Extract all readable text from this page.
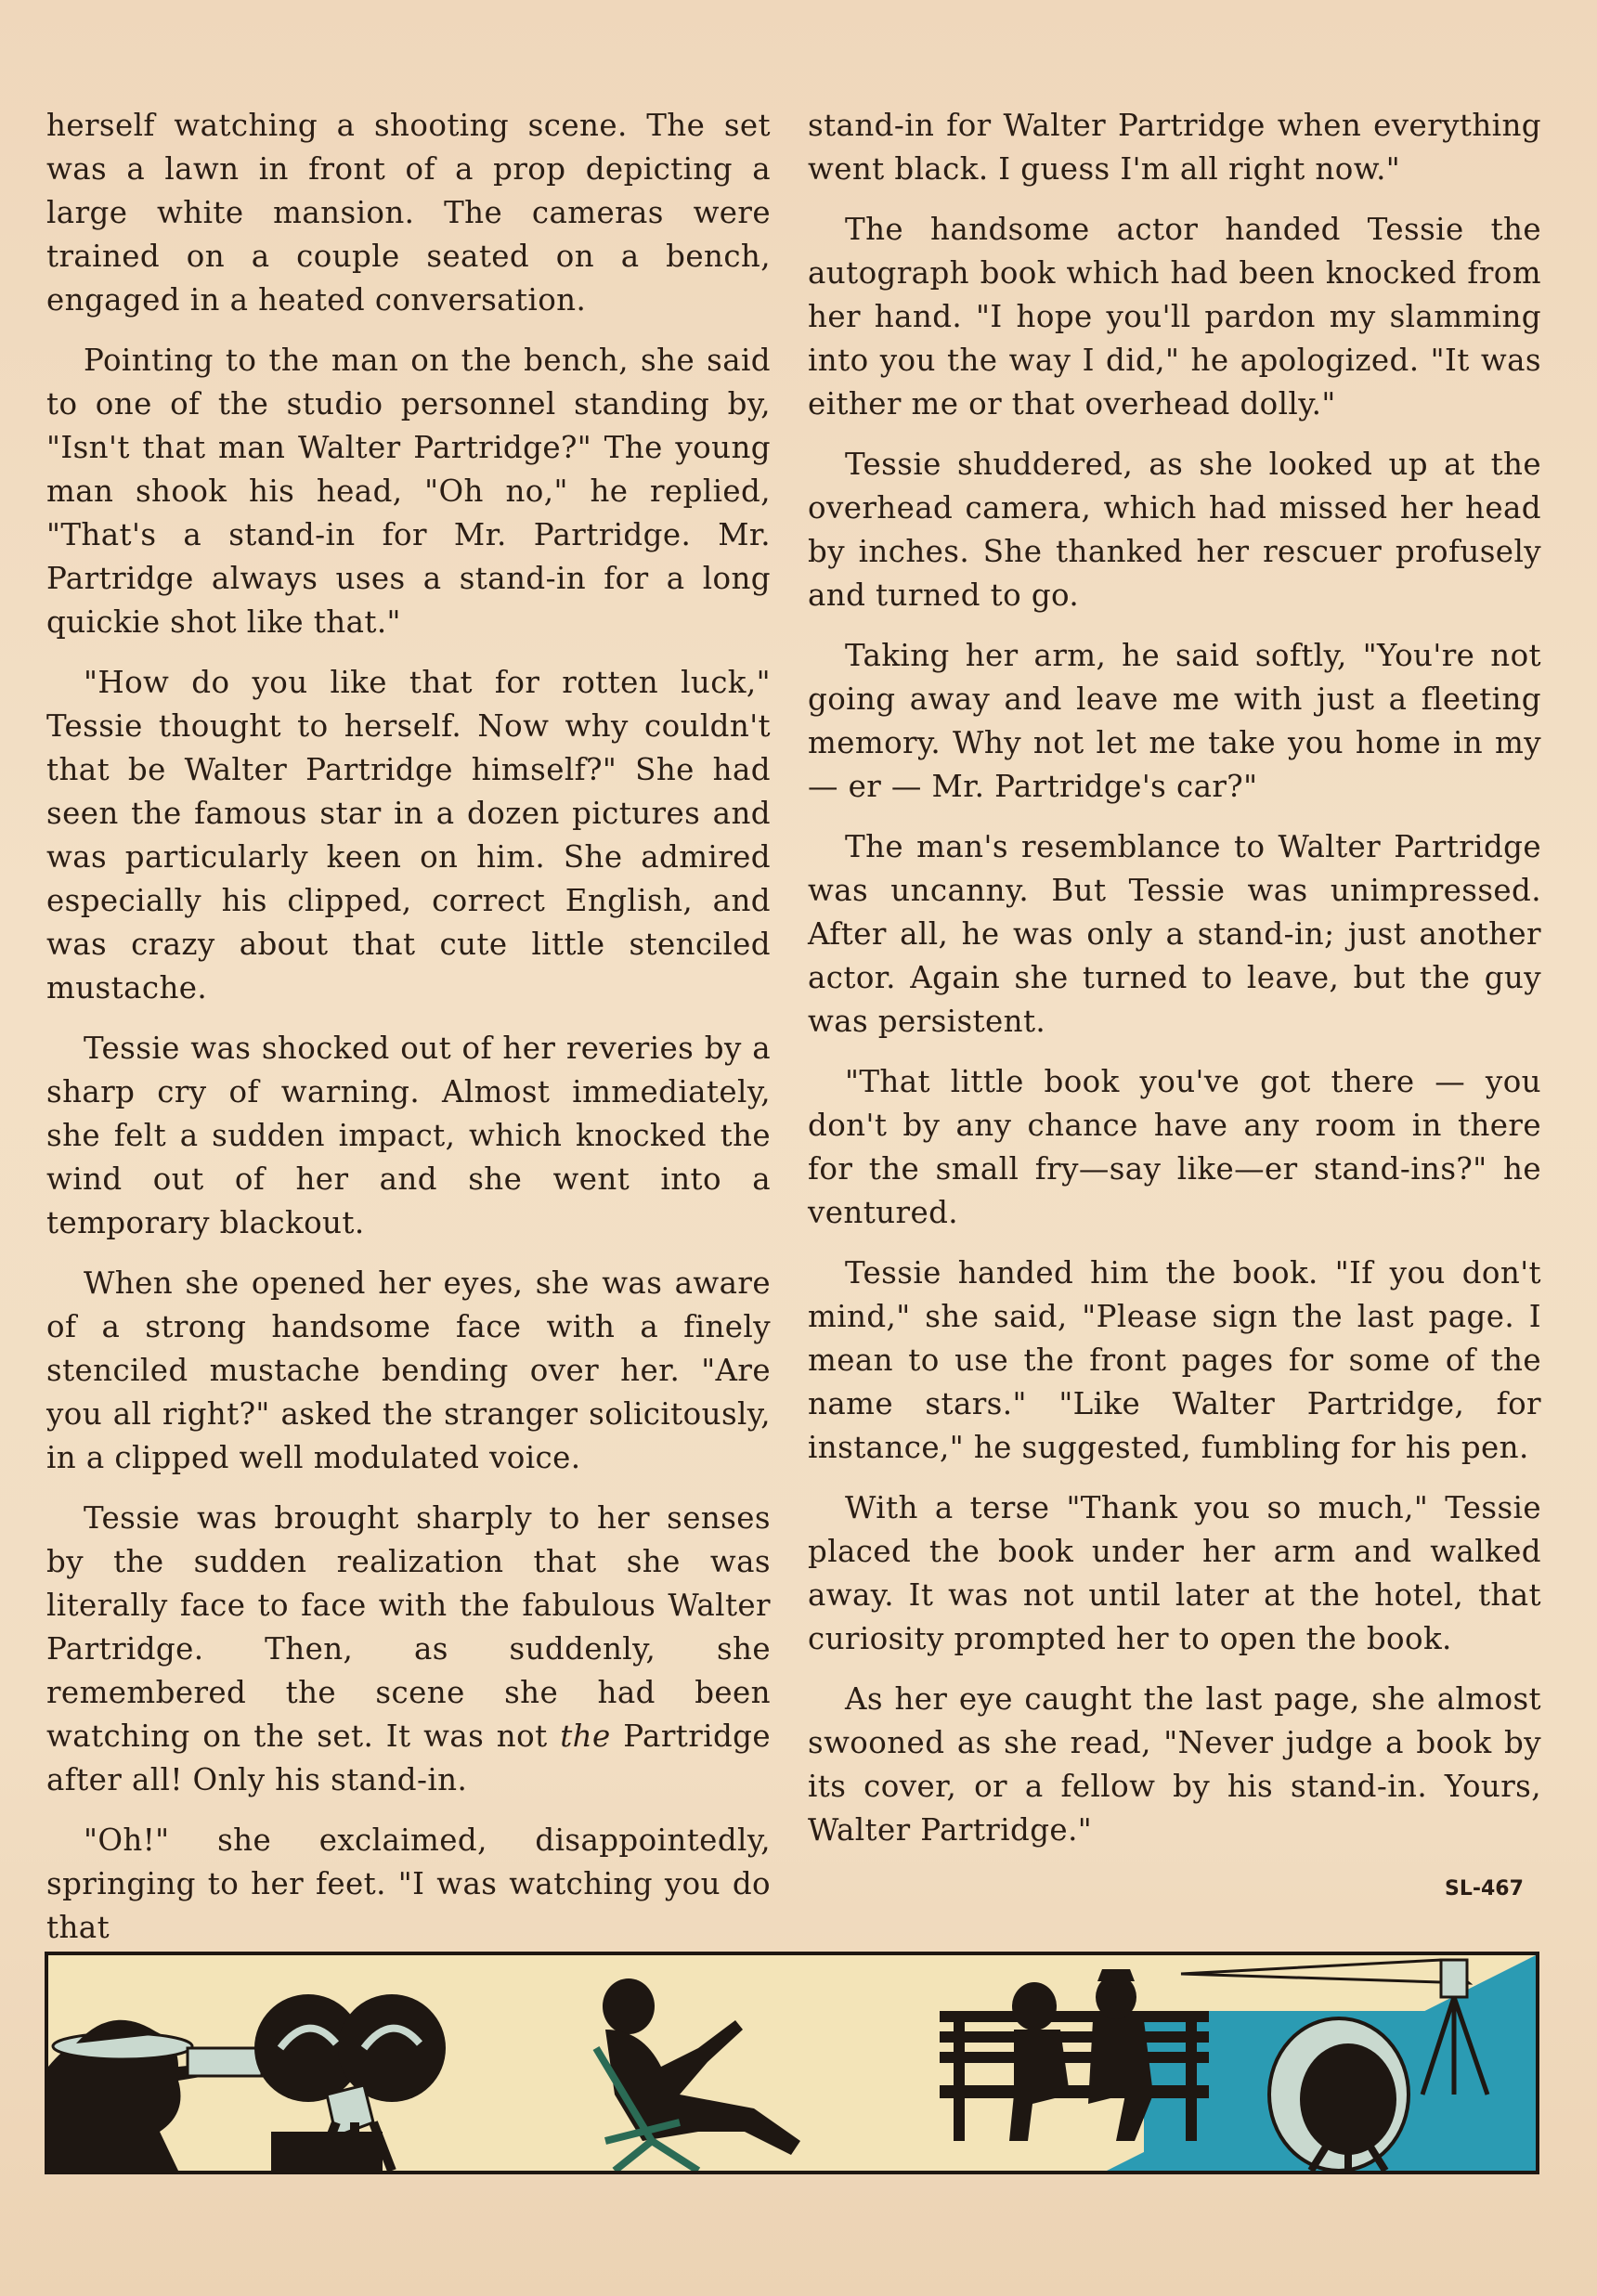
herself watching a shooting scene. The set was a lawn in front of a prop depicting a large white mansion. The cameras were trained on a couple seated on a bench, engaged in a heated conversation.

Pointing to the man on the bench, she said to one of the studio personnel standing by, "Isn't that man Walter Partridge?" The young man shook his head, "Oh no," he replied, "That's a stand-in for Mr. Partridge. Mr. Partridge always uses a stand-in for a long quickie shot like that."

"How do you like that for rotten luck," Tessie thought to herself. Now why couldn't that be Walter Partridge himself?" She had seen the famous star in a dozen pictures and was particularly keen on him. She admired especially his clipped, correct English, and was crazy about that cute little stenciled mustache.

Tessie was shocked out of her reveries by a sharp cry of warning. Almost immediately, she felt a sudden impact, which knocked the wind out of her and she went into a temporary blackout.

When she opened her eyes, she was aware of a strong handsome face with a finely stenciled mustache bending over her. "Are you all right?" asked the stranger solicitously, in a clipped well modulated voice.

Tessie was brought sharply to her senses by the sudden realization that she was literally face to face with the fabulous Walter Partridge. Then, as suddenly, she remembered the scene she had been watching on the set. It was not the Partridge after all! Only his stand-in.

"Oh!" she exclaimed, disappointedly, springing to her feet. "I was watching you do that

stand-in for Walter Partridge when everything went black. I guess I'm all right now."

The handsome actor handed Tessie the autograph book which had been knocked from her hand. "I hope you'll pardon my slamming into you the way I did," he apologized. "It was either me or that overhead dolly."

Tessie shuddered, as she looked up at the overhead camera, which had missed her head by inches. She thanked her rescuer profusely and turned to go.

Taking her arm, he said softly, "You're not going away and leave me with just a fleeting memory. Why not let me take you home in my — er — Mr. Partridge's car?"

The man's resemblance to Walter Partridge was uncanny. But Tessie was unimpressed. After all, he was only a stand-in; just another actor. Again she turned to leave, but the guy was persistent.

"That little book you've got there — you don't by any chance have any room in there for the small fry—say like—er stand-ins?" he ventured.

Tessie handed him the book. "If you don't mind," she said, "Please sign the last page. I mean to use the front pages for some of the name stars." "Like Walter Partridge, for instance," he suggested, fumbling for his pen.

With a terse "Thank you so much," Tessie placed the book under her arm and walked away. It was not until later at the hotel, that curiosity prompted her to open the book.

As her eye caught the last page, she almost swooned as she read, "Never judge a book by its cover, or a fellow by his stand-in. Yours, Walter Partridge."

SL-467
